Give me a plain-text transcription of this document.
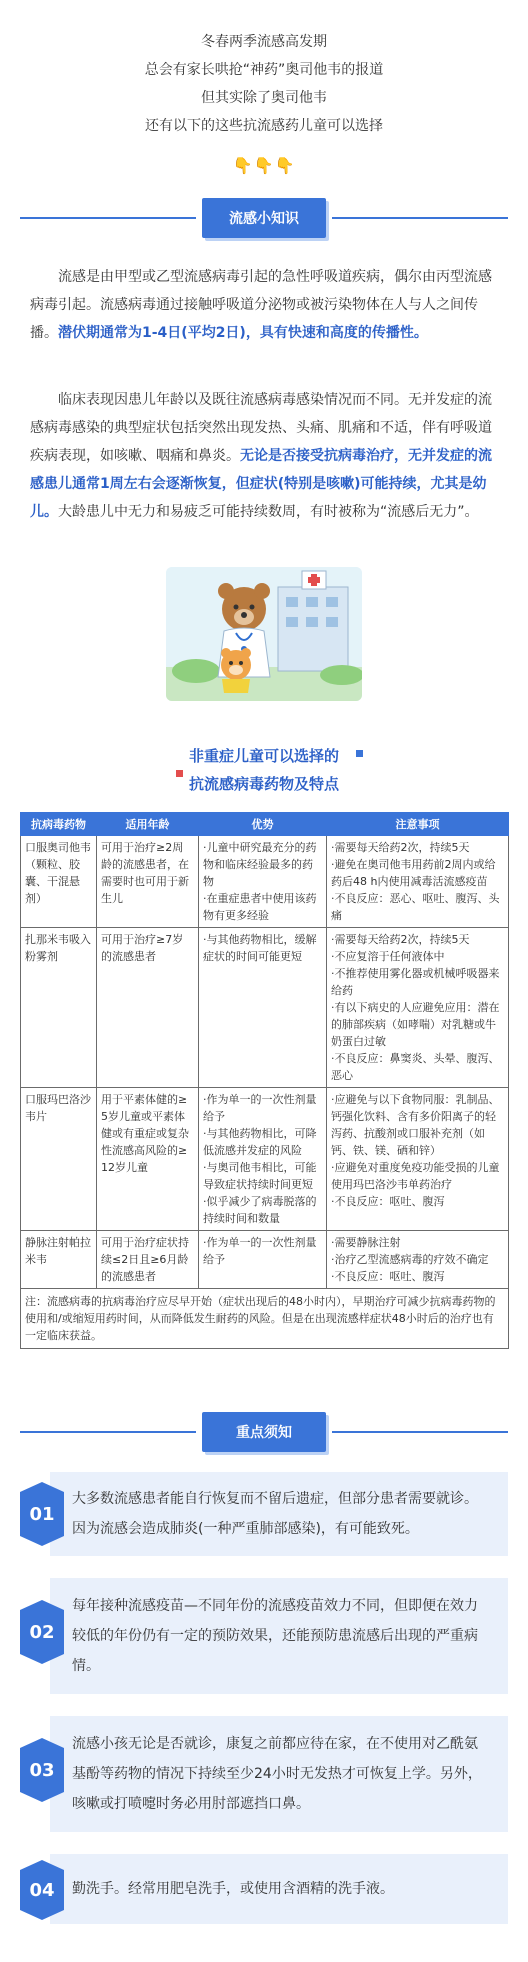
冬春两季流感高发期

总会有家长哄抢“神药”奥司他韦的报道

但其实除了奥司他韦

还有以下的这些抗流感药儿童可以选择

👇👇👇
流感小知识

流感是由甲型或乙型流感病毒引起的急性呼吸道疾病，偶尔由丙型流感病毒引起。流感病毒通过接触呼吸道分泌物或被污染物体在人与人之间传播。潜伏期通常为1-4日(平均2日)，具有快速和高度的传播性。

临床表现因患儿年龄以及既往流感病毒感染情况而不同。无并发症的流感病毒感染的典型症状包括突然出现发热、头痛、肌痛和不适，伴有呼吸道疾病表现，如咳嗽、咽痛和鼻炎。无论是否接受抗病毒治疗，无并发症的流感患儿通常1周左右会逐渐恢复，但症状(特别是咳嗽)可能持续，尤其是幼儿。大龄患儿中无力和易疲乏可能持续数周，有时被称为“流感后无力”。

非重症儿童可以选择的
抗流感病毒药物及特点
抗病毒药物	适用年龄	优势	注意事项
口服奥司他韦（颗粒、胶囊、干混悬剂）	可用于治疗≥2周龄的流感患者，在需要时也可用于新生儿	·儿童中研究最充分的药物和临床经验最多的药物
·在重症患者中使用该药物有更多经验	·需要每天给药2次，持续5天
·避免在奥司他韦用药前2周内或给药后48 h内使用减毒活流感疫苗
·不良反应：恶心、呕吐、腹泻、头痛

扎那米韦吸入粉雾剂	可用于治疗≥7岁的流感患者	·与其他药物相比，缓解症状的时间可能更短	·需要每天给药2次，持续5天
·不应复溶于任何液体中
·不推荐使用雾化器或机械呼吸器来给药
·有以下病史的人应避免应用：潜在的肺部疾病（如哮喘）对乳糖或牛奶蛋白过敏
·不良反应：鼻窦炎、头晕、腹泻、恶心

口服玛巴洛沙韦片	用于平素体健的≥5岁儿童或平素体健或有重症或复杂性流感高风险的≥12岁儿童	·作为单一的一次性剂量给予
·与其他药物相比，可降低流感并发症的风险
·与奥司他韦相比，可能导致症状持续时间更短
·似乎减少了病毒脱落的持续时间和数量	·应避免与以下食物同服：乳制品、钙强化饮料、含有多价阳离子的轻泻药、抗酸剂或口服补充剂（如钙、铁、镁、硒和锌）
·应避免对重度免疫功能受损的儿童使用玛巴洛沙韦单药治疗
·不良反应：呕吐、腹泻

静脉注射帕拉米韦	可用于治疗症状持续≤2日且≥6月龄的流感患者	·作为单一的一次性剂量给予	·需要静脉注射
·治疗乙型流感病毒的疗效不确定
·不良反应：呕吐、腹泻

注：流感病毒的抗病毒治疗应尽早开始（症状出现后的48小时内），早期治疗可减少抗病毒药物的使用和/或缩短用药时间，从而降低发生耐药的风险。但是在出现流感样症状48小时后的治疗也有一定临床获益。			
重点须知
大多数流感患者能自行恢复而不留后遗症，但部分患者需要就诊。因为流感会造成肺炎(一种严重肺部感染)，有可能致死。
01
每年接种流感疫苗—不同年份的流感疫苗效力不同，但即便在效力较低的年份仍有一定的预防效果，还能预防患流感后出现的严重病情。
02
流感小孩无论是否就诊，康复之前都应待在家，在不使用对乙酰氨基酚等药物的情况下持续至少24小时无发热才可恢复上学。另外，咳嗽或打喷嚏时务必用肘部遮挡口鼻。
03
勤洗手。经常用肥皂洗手，或使用含酒精的洗手液。
04
